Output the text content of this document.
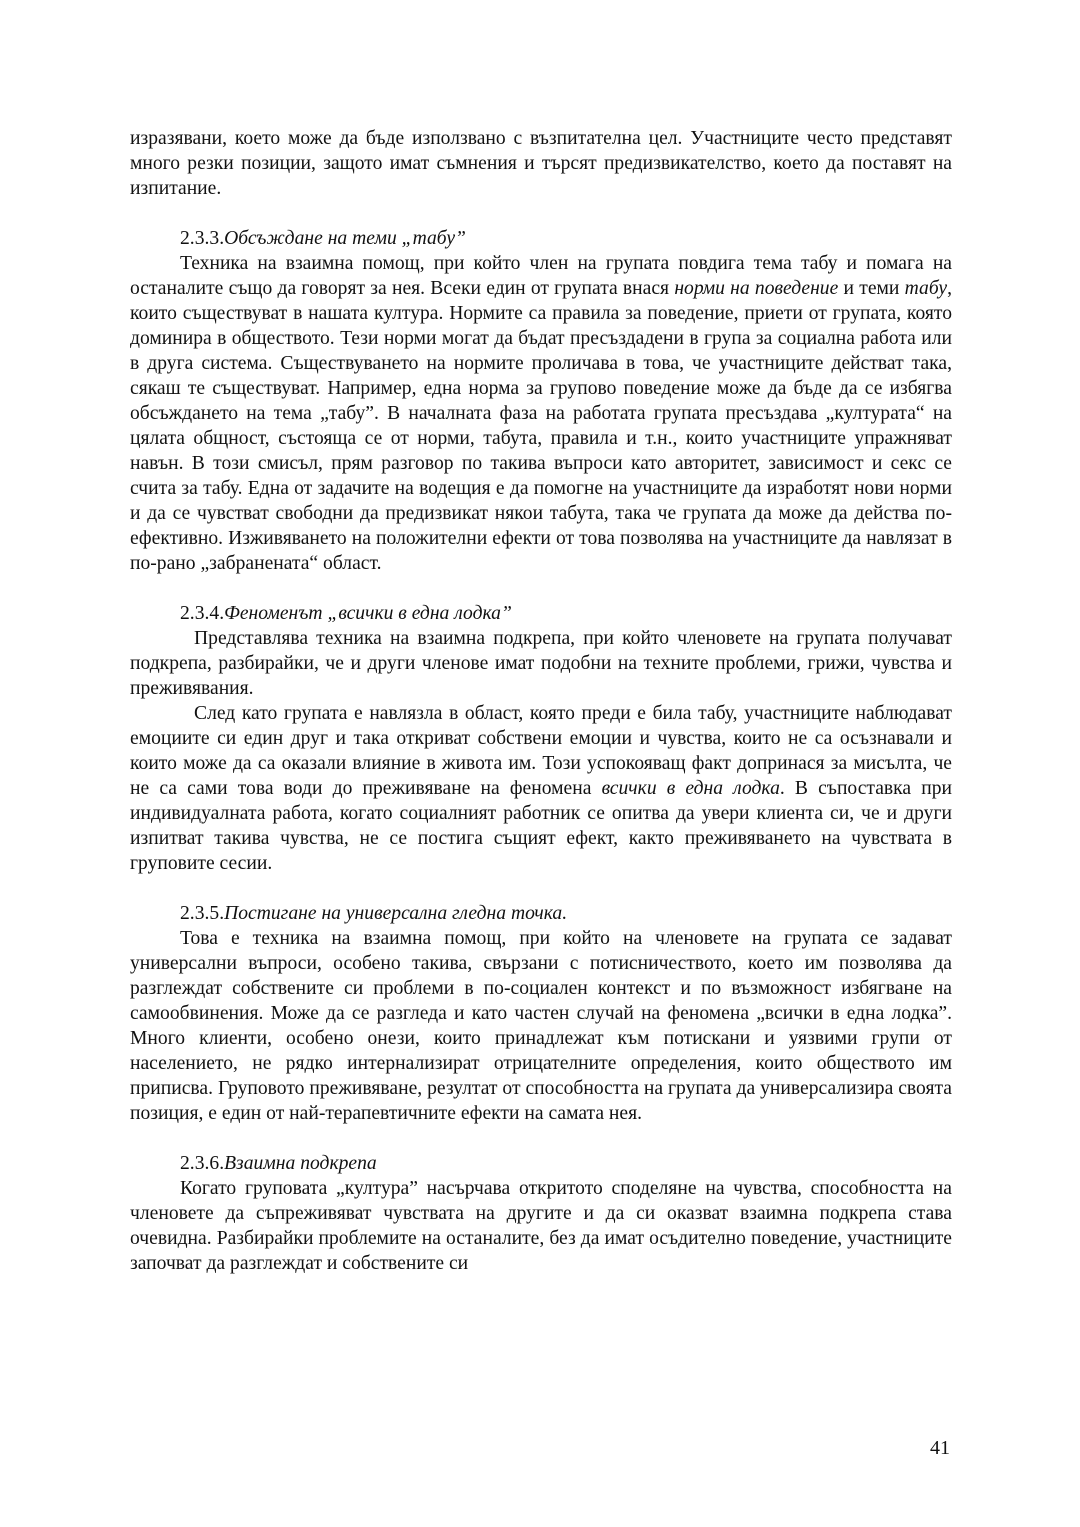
изразявани, което може да бъде използвано с възпитателна цел. Участниците често представят много резки позиции, защото имат съмнения и търсят предизвикателство, което да поставят на изпитание.

2.3.3.Обсъждане на теми „табу”

Техника на взаимна помощ, при който член на групата повдига тема табу и помага на останалите също да говорят за нея. Всеки един от групата внася норми на поведение и теми табу, които съществуват в нашата култура. Нормите са правила за поведение, приети от групата, която доминира в обществото. Тези норми могат да бъдат пресъздадени в група за социална работа или в друга система. Съществуването на нормите проличава в това, че участниците действат така, сякаш те съществуват. Например, една норма за групово поведение може да бъде да се избягва обсъждането на тема „табу”. В началната фаза на работата групата пресъздава „културата“ на цялата общност, състояща се от норми, табута, правила и т.н., които участниците упражняват навън. В този смисъл, прям разговор по такива въпроси като авторитет, зависимост и секс се счита за табу. Една от задачите на водещия е да помогне на участниците да изработят нови норми и да се чувстват свободни да предизвикат някои табута, така че групата да може да действа по-ефективно. Изживяването на положителни ефекти от това позволява на участниците да навлязат в по-рано „забранената“ област.

2.3.4.Феноменът „всички в една лодка”

Представлява техника на взаимна подкрепа, при който членовете на групата получават подкрепа, разбирайки, че и други членове имат подобни на техните проблеми, грижи, чувства и преживявания.

След като групата е навлязла в област, която преди е била табу, участниците наблюдават емоциите си един друг и така откриват собствени емоции и чувства, които не са осъзнавали и които може да са оказали влияние в живота им. Този успокояващ факт допринася за мисълта, че не са сами това води до преживяване на феномена всички в една лодка. В съпоставка при индивидуалната работа, когато социалният работник се опитва да увери клиента си, че и други изпитват такива чувства, не се постига същият ефект, както преживяването на чувствата в груповите сесии.

2.3.5.Постигане на универсална гледна точка.

Това е техника на взаимна помощ, при който на членовете на групата се задават универсални въпроси, особено такива, свързани с потисничеството, което им позволява да разглеждат собствените си проблеми в по-социален контекст и по възможност избягване на самообвинения. Може да се разгледа и като частен случай на феномена „всички в една лодка”. Много клиенти, особено онези, които принадлежат към потискани и уязвими групи от населението, не рядко интернализират отрицателните определения, които обществото им приписва. Груповото преживяване, резултат от способността на групата да универсализира своята позиция, е един от най-терапевтичните ефекти на самата нея.

2.3.6.Взаимна подкрепа

Когато груповата „култура” насърчава откритото споделяне на чувства, способността на членовете да съпреживяват чувствата на другите и да си оказват взаимна подкрепа става очевидна. Разбирайки проблемите на останалите, без да имат осъдително поведение, участниците започват да разглеждат и собствените си

41
